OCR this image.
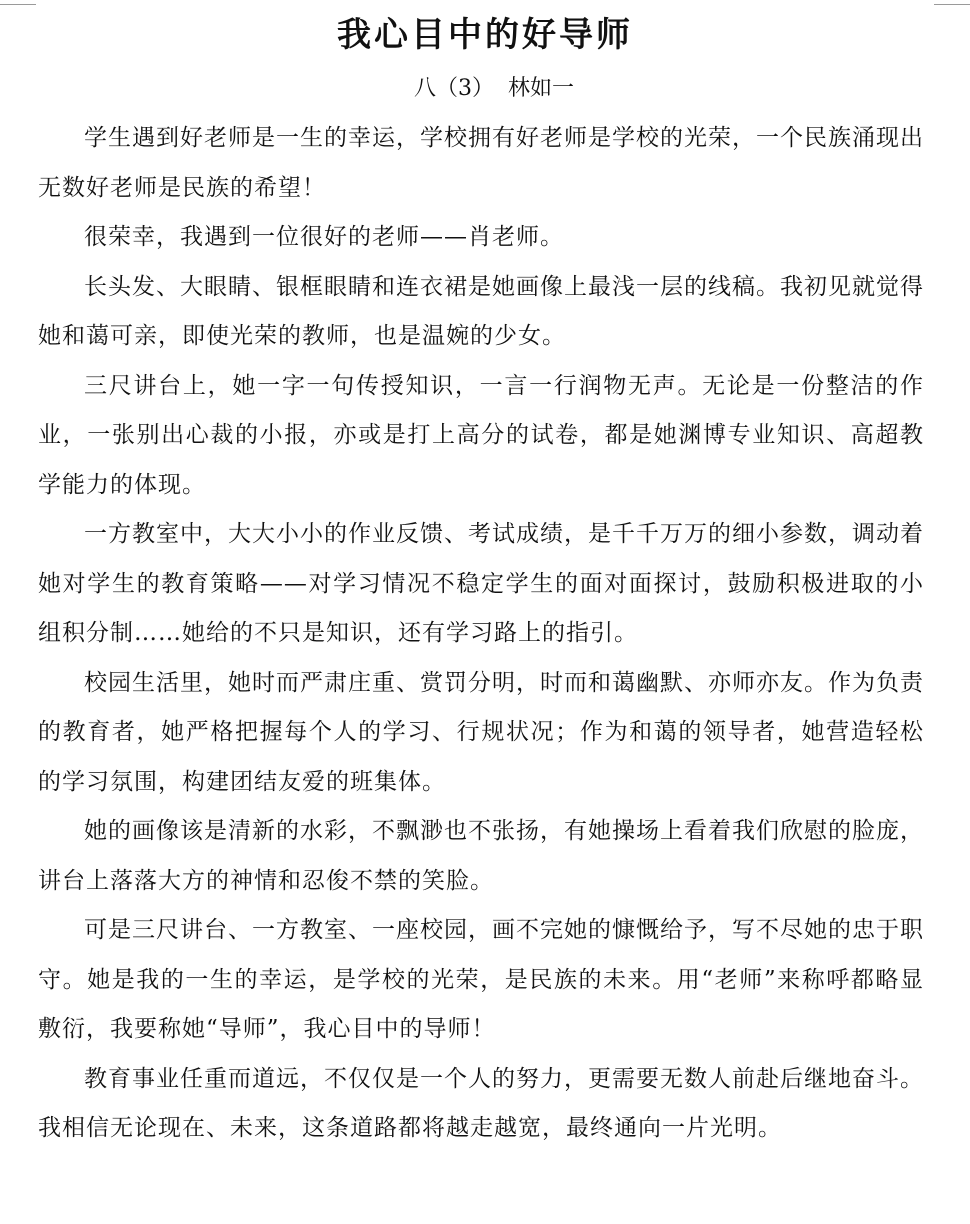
我心目中的好导师
八（3）  林如一

学生遇到好老师是一生的幸运，学校拥有好老师是学校的光荣，一个民族涌现出无数好老师是民族的希望！

很荣幸，我遇到一位很好的老师——肖老师。

长头发、大眼睛、银框眼睛和连衣裙是她画像上最浅一层的线稿。我初见就觉得她和蔼可亲，即使光荣的教师，也是温婉的少女。

三尺讲台上，她一字一句传授知识，一言一行润物无声。无论是一份整洁的作业，一张别出心裁的小报，亦或是打上高分的试卷，都是她渊博专业知识、高超教学能力的体现。

一方教室中，大大小小的作业反馈、考试成绩，是千千万万的细小参数，调动着她对学生的教育策略——对学习情况不稳定学生的面对面探讨，鼓励积极进取的小组积分制……她给的不只是知识，还有学习路上的指引。

校园生活里，她时而严肃庄重、赏罚分明，时而和蔼幽默、亦师亦友。作为负责的教育者，她严格把握每个人的学习、行规状况；作为和蔼的领导者，她营造轻松的学习氛围，构建团结友爱的班集体。

她的画像该是清新的水彩，不飘渺也不张扬，有她操场上看着我们欣慰的脸庞，讲台上落落大方的神情和忍俊不禁的笑脸。

可是三尺讲台、一方教室、一座校园，画不完她的慷慨给予，写不尽她的忠于职守。她是我的一生的幸运，是学校的光荣，是民族的未来。用“老师”来称呼都略显敷衍，我要称她“导师”，我心目中的导师！

教育事业任重而道远，不仅仅是一个人的努力，更需要无数人前赴后继地奋斗。我相信无论现在、未来，这条道路都将越走越宽，最终通向一片光明。
